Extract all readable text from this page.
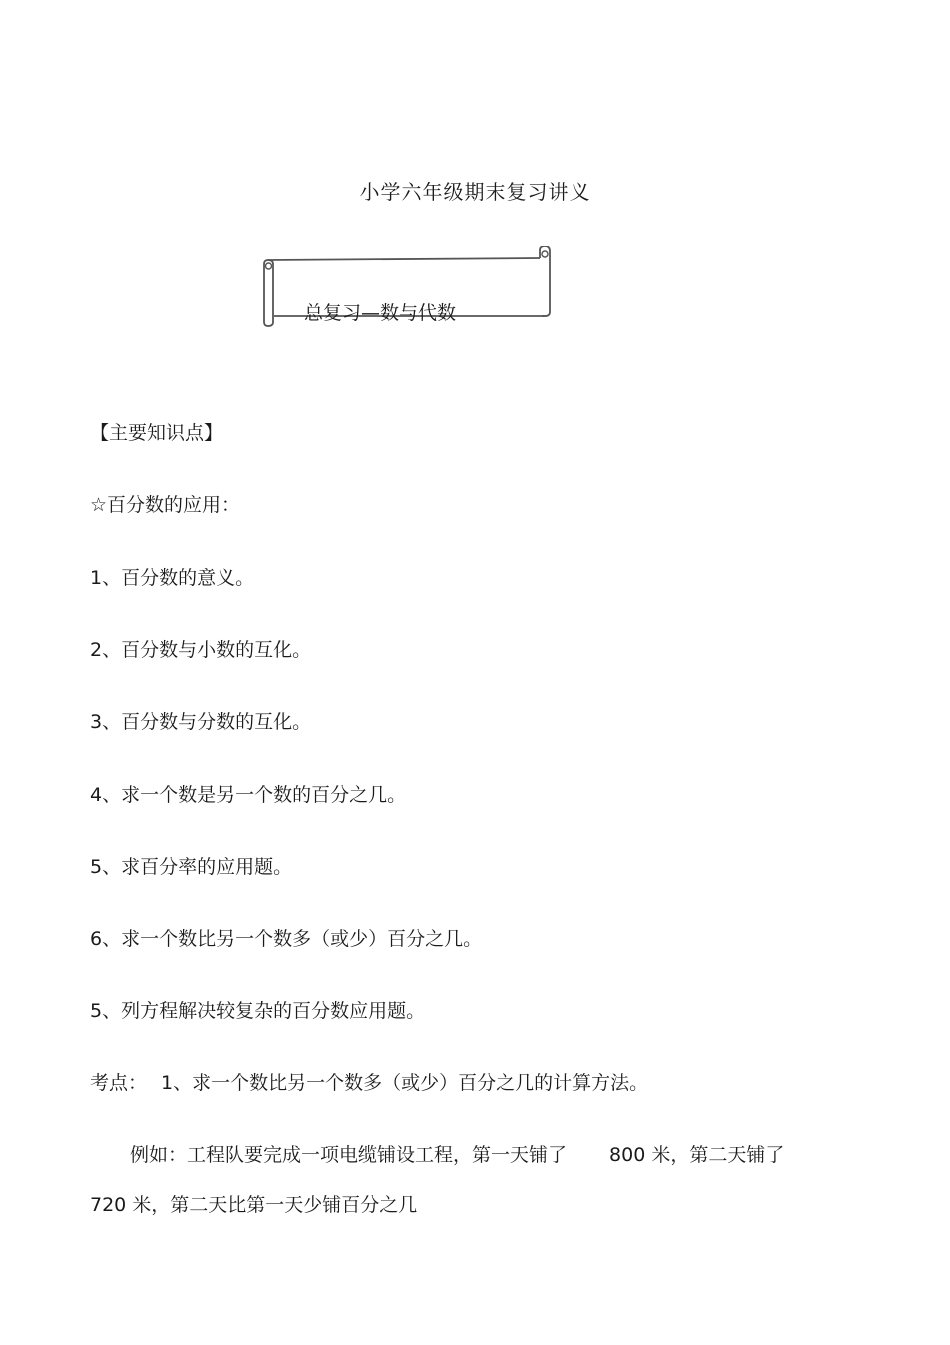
小学六年级期末复习讲义
总复习—数与代数
【主要知识点】
☆百分数的应用：
1、百分数的意义。
2、百分数与小数的互化。
3、百分数与分数的互化。
4、求一个数是另一个数的百分之几。
5、求百分率的应用题。
6、求一个数比另一个数多（或少）百分之几。
5、列方程解决较复杂的百分数应用题。
考点： 1、求一个数比另一个数多（或少）百分之几的计算方法。
例如：工程队要完成一项电缆铺设工程，第一天铺了 800 米，第二天铺了
720 米，第二天比第一天少铺百分之几
